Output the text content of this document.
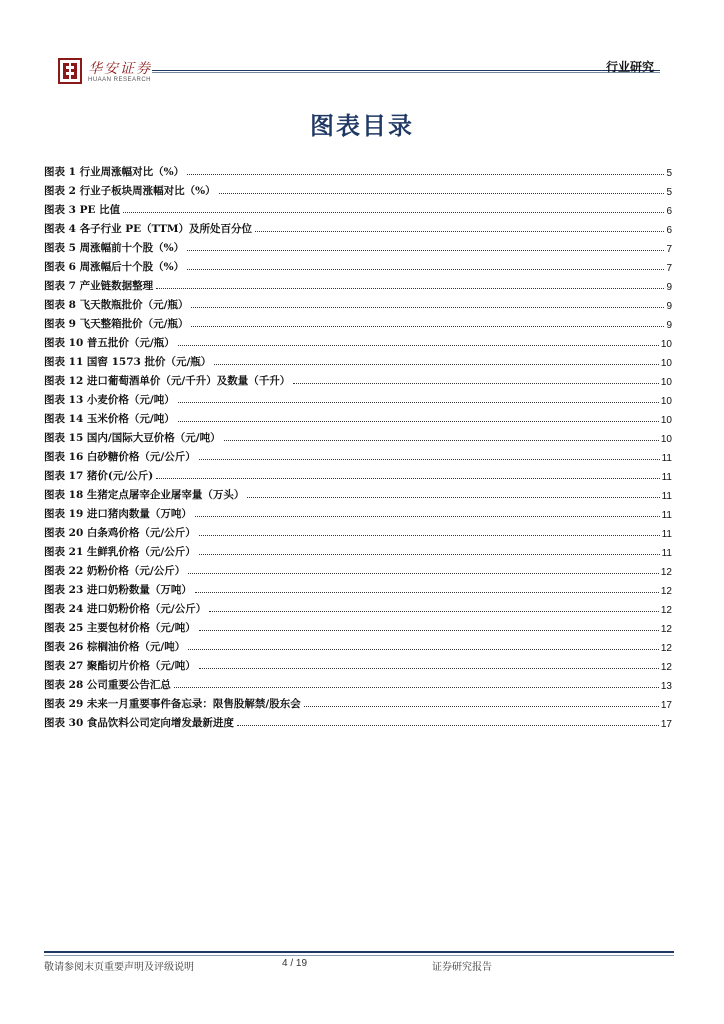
华安证券
HUAAN RESEARCH
行业研究
图表目录
图表 1 行业周涨幅对比（%）	5
图表 2 行业子板块周涨幅对比（%）	5
图表 3 PE 比值	6
图表 4 各子行业 PE（TTM）及所处百分位	6
图表 5 周涨幅前十个股（%）	7
图表 6 周涨幅后十个股（%）	7
图表 7 产业链数据整理	9
图表 8 飞天散瓶批价（元/瓶）	9
图表 9 飞天整箱批价（元/瓶）	9
图表 10 普五批价（元/瓶）	10
图表 11 国窖 1573 批价（元/瓶）	10
图表 12 进口葡萄酒单价（元/千升）及数量（千升）	10
图表 13 小麦价格（元/吨）	10
图表 14 玉米价格（元/吨）	10
图表 15 国内/国际大豆价格（元/吨）	10
图表 16 白砂糖价格（元/公斤）	11
图表 17 猪价(元/公斤)	11
图表 18 生猪定点屠宰企业屠宰量（万头）	11
图表 19 进口猪肉数量（万吨）	11
图表 20 白条鸡价格（元/公斤）	11
图表 21 生鲜乳价格（元/公斤）	11
图表 22 奶粉价格（元/公斤）	12
图表 23 进口奶粉数量（万吨）	12
图表 24 进口奶粉价格（元/公斤）	12
图表 25 主要包材价格（元/吨）	12
图表 26 棕榈油价格（元/吨）	12
图表 27 聚酯切片价格（元/吨）	12
图表 28 公司重要公告汇总	13
图表 29 未来一月重要事件备忘录：限售股解禁/股东会	17
图表 30 食品饮料公司定向增发最新进度	17
敬请参阅末页重要声明及评级说明	4 / 19	证券研究报告
